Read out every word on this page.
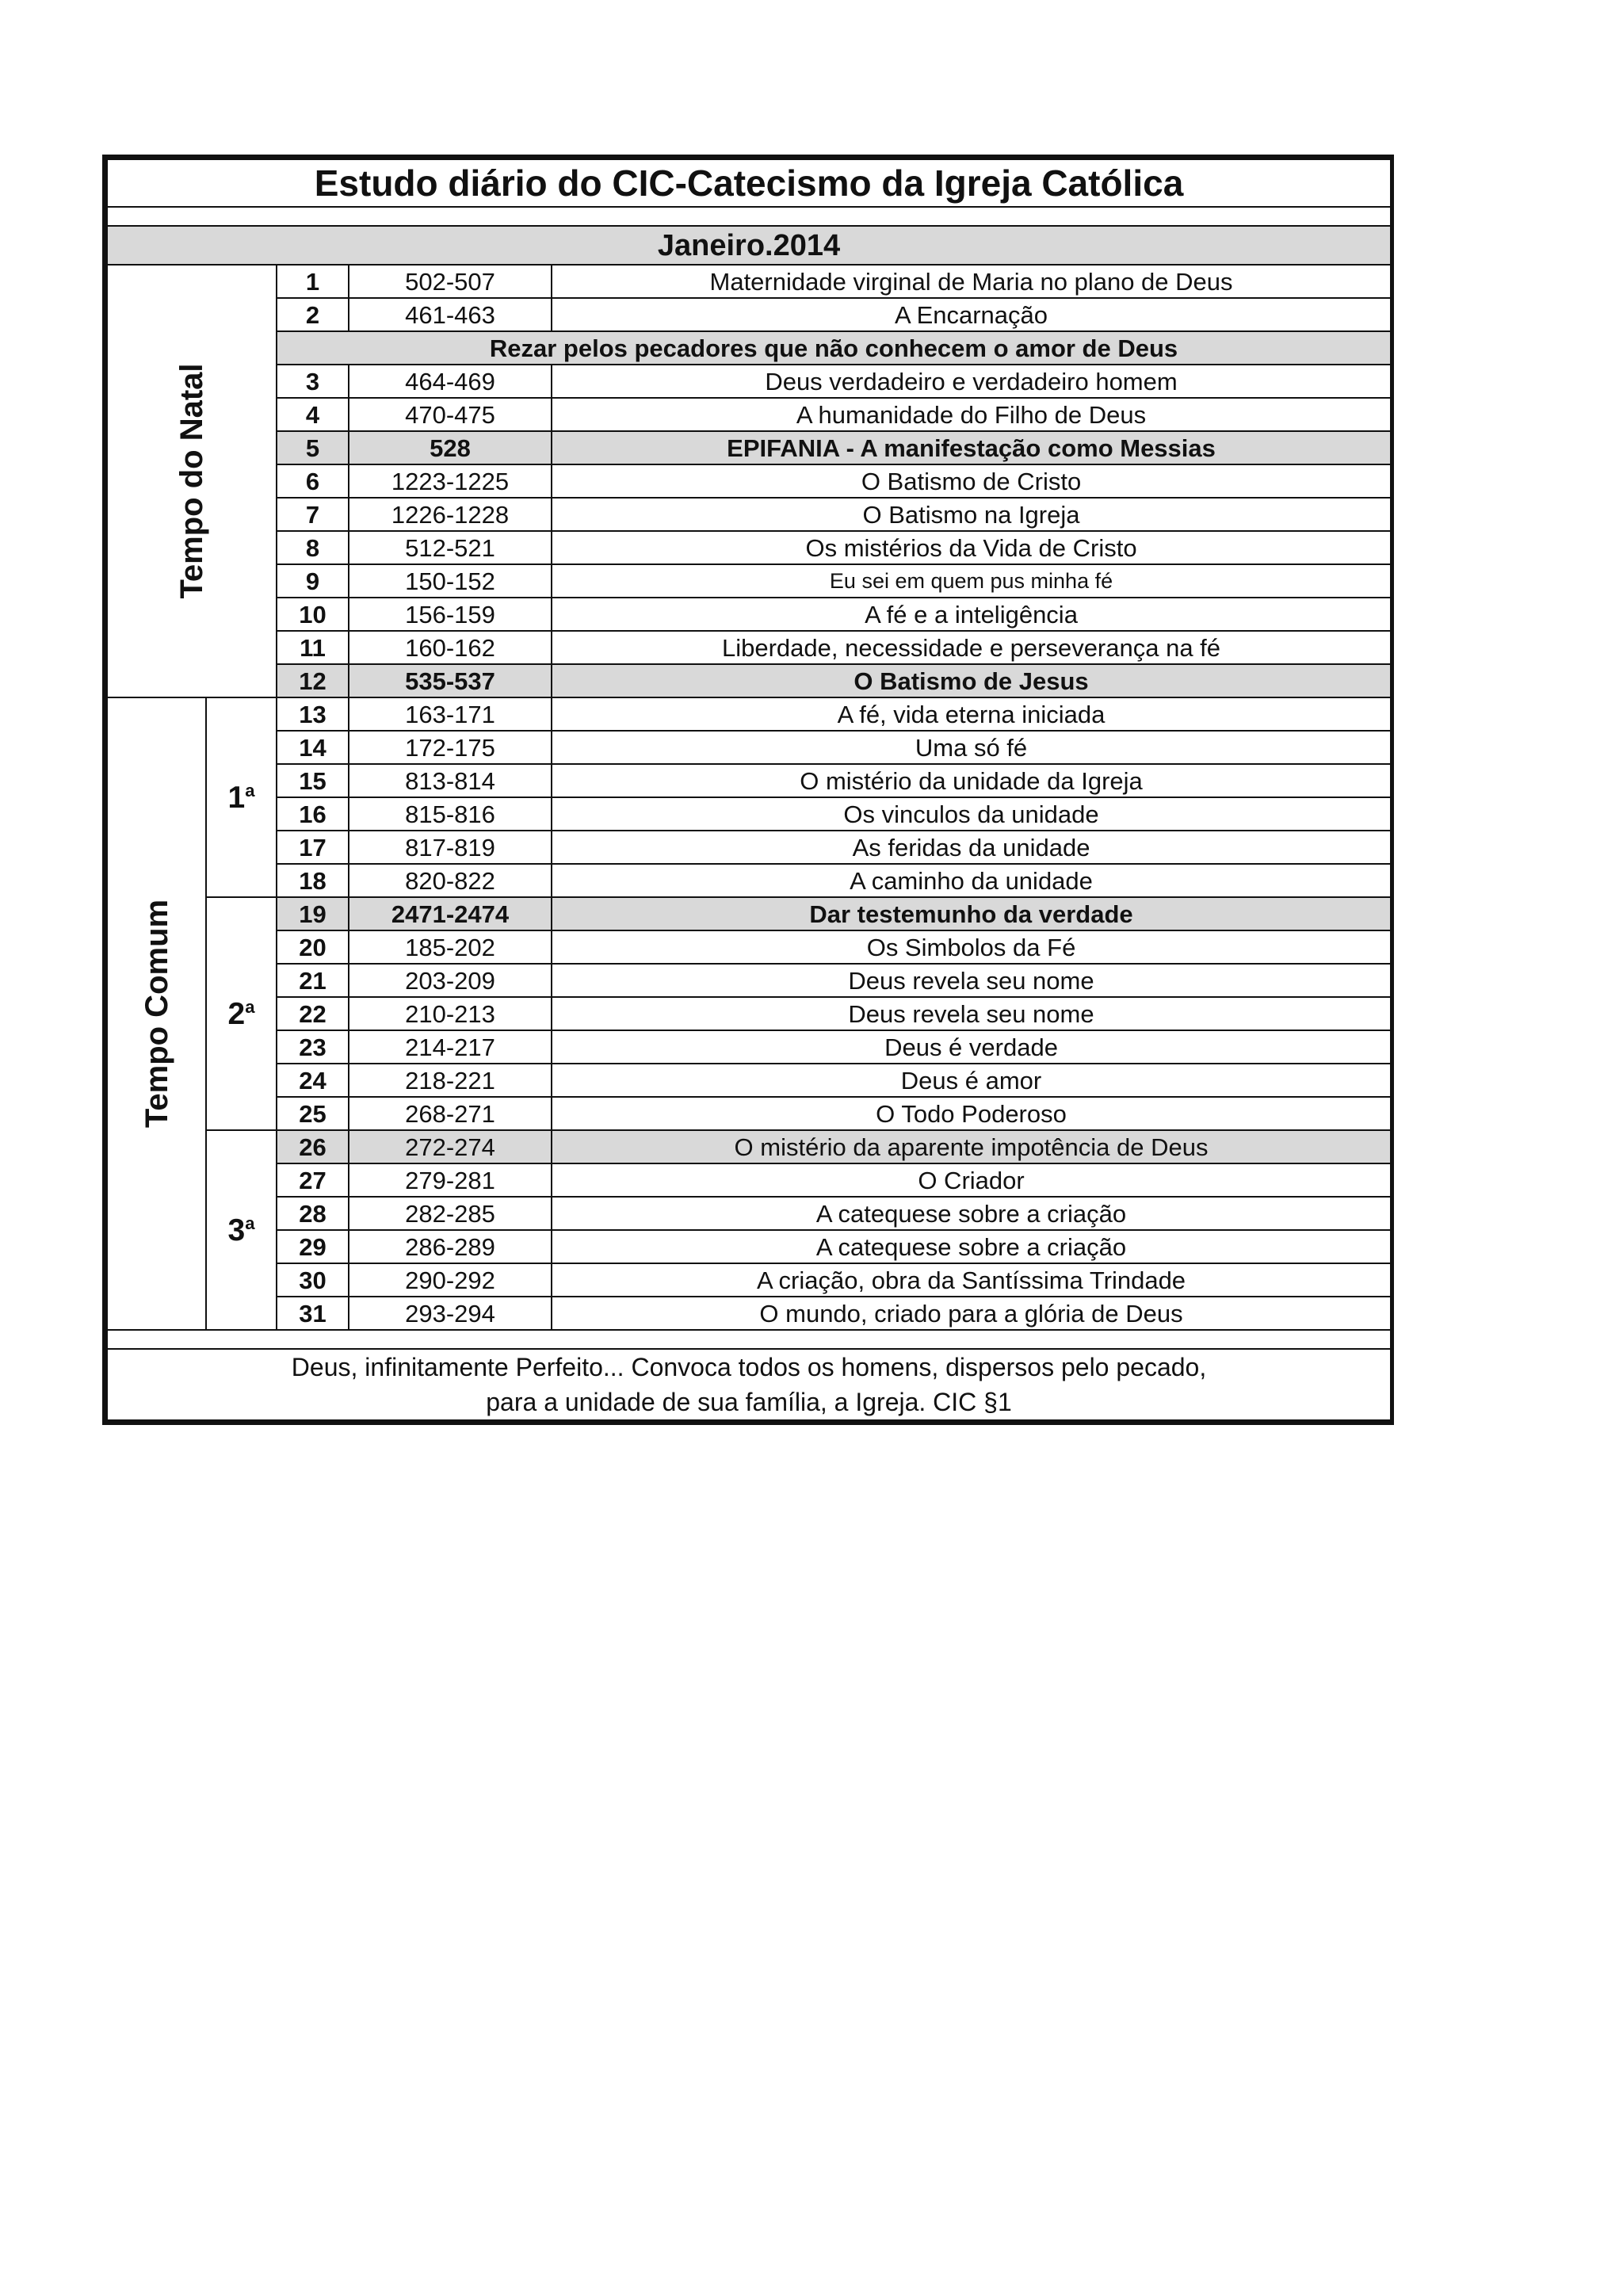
Estudo diário do CIC-Catecismo da Igreja Católica				

Janeiro.2014				

Tempo do Natal		1	502-507	Maternidade virginal de Maria no plano de Deus
		2	461-463	A Encarnação
		Rezar pelos pecadores que não conhecem o amor de Deus		
		3	464-469	Deus verdadeiro e verdadeiro homem
		4	470-475	A humanidade do Filho de Deus
		5	528	EPIFANIA - A manifestação como Messias
		6	1223-1225	O Batismo de Cristo
		7	1226-1228	O Batismo na Igreja
		8	512-521	Os mistérios da Vida de Cristo
		9	150-152	Eu sei em quem pus minha fé
		10	156-159	A fé e a inteligência
		11	160-162	Liberdade, necessidade e perseverança na fé
		12	535-537	O Batismo de Jesus

Tempo Comum	1$^a$	13	163-171	A fé, vida eterna iniciada
		14	172-175	Uma só fé
		15	813-814	O mistério da unidade da Igreja
		16	815-816	Os vinculos da unidade
		17	817-819	As feridas da unidade
		18	820-822	A caminho da unidade
	2$^a$	19	2471-2474	Dar testemunho da verdade
		20	185-202	Os Simbolos da Fé
		21	203-209	Deus revela seu nome
		22	210-213	Deus revela seu nome
		23	214-217	Deus é verdade
		24	218-221	Deus é amor
		25	268-271	O Todo Poderoso
	3$^a$	26	272-274	O mistério da aparente impotência de Deus
		27	279-281	O Criador
		28	282-285	A catequese sobre a criação
		29	286-289	A catequese sobre a criação
		30	290-292	A criação, obra da Santíssima Trindade
		31	293-294	O mundo, criado para a glória de Deus

Deus, infinitamente Perfeito... Convoca todos os homens, dispersos pelo pecado,
para a unidade de sua família, a Igreja. CIC §1				
